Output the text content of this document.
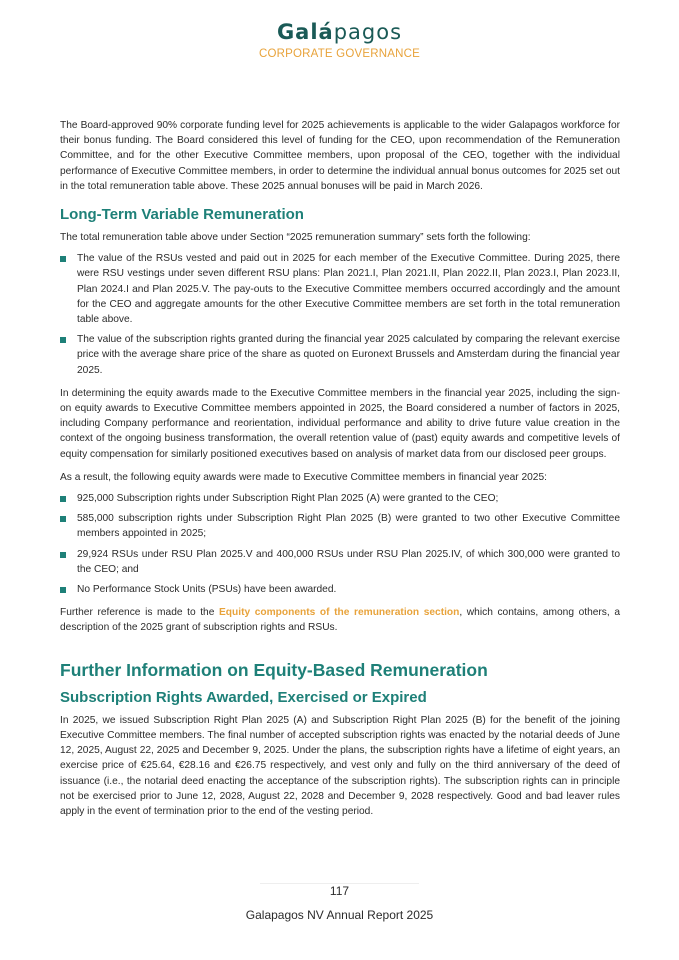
Galápagos
CORPORATE GOVERNANCE

The Board-approved 90% corporate funding level for 2025 achievements is applicable to the wider Galapagos workforce for their bonus funding. The Board considered this level of funding for the CEO, upon recommendation of the Remuneration Committee, and for the other Executive Committee members, upon proposal of the CEO, together with the individual performance of Executive Committee members, in order to determine the individual annual bonus outcomes for 2025 set out in the total remuneration table above. These 2025 annual bonuses will be paid in March 2026.

Long-Term Variable Remuneration

The total remuneration table above under Section “2025 remuneration summary” sets forth the following:

The value of the RSUs vested and paid out in 2025 for each member of the Executive Committee. During 2025, there were RSU vestings under seven different RSU plans: Plan 2021.I, Plan 2021.II, Plan 2022.II, Plan 2023.I, Plan 2023.II, Plan 2024.I and Plan 2025.V. The pay-outs to the Executive Committee members occurred accordingly and the amount for the CEO and aggregate amounts for the other Executive Committee members are set forth in the total remuneration table above.
The value of the subscription rights granted during the financial year 2025 calculated by comparing the relevant exercise price with the average share price of the share as quoted on Euronext Brussels and Amsterdam during the financial year 2025.

In determining the equity awards made to the Executive Committee members in the financial year 2025, including the sign-on equity awards to Executive Committee members appointed in 2025, the Board considered a number of factors in 2025, including Company performance and reorientation, individual performance and ability to drive future value creation in the context of the ongoing business transformation, the overall retention value of (past) equity awards and competitive levels of equity compensation for similarly positioned executives based on analysis of market data from our disclosed peer groups.

As a result, the following equity awards were made to Executive Committee members in financial year 2025:

925,000 Subscription rights under Subscription Right Plan 2025 (A) were granted to the CEO;
585,000 subscription rights under Subscription Right Plan 2025 (B) were granted to two other Executive Committee members appointed in 2025;
29,924 RSUs under RSU Plan 2025.V and 400,000 RSUs under RSU Plan 2025.IV, of which 300,000 were granted to the CEO; and
No Performance Stock Units (PSUs) have been awarded.

Further reference is made to the Equity components of the remuneration section, which contains, among others, a description of the 2025 grant of subscription rights and RSUs.

Further Information on Equity-Based Remuneration
Subscription Rights Awarded, Exercised or Expired

In 2025, we issued Subscription Right Plan 2025 (A) and Subscription Right Plan 2025 (B) for the benefit of the joining Executive Committee members. The final number of accepted subscription rights was enacted by the notarial deeds of June 12, 2025, August 22, 2025 and December 9, 2025. Under the plans, the subscription rights have a lifetime of eight years, an exercise price of €25.64, €28.16 and €26.75 respectively, and vest only and fully on the third anniversary of the deed of issuance (i.e., the notarial deed enacting the acceptance of the subscription rights). The subscription rights can in principle not be exercised prior to June 12, 2028, August 22, 2028 and December 9, 2028 respectively. Good and bad leaver rules apply in the event of termination prior to the end of the vesting period.

117
Galapagos NV Annual Report 2025
